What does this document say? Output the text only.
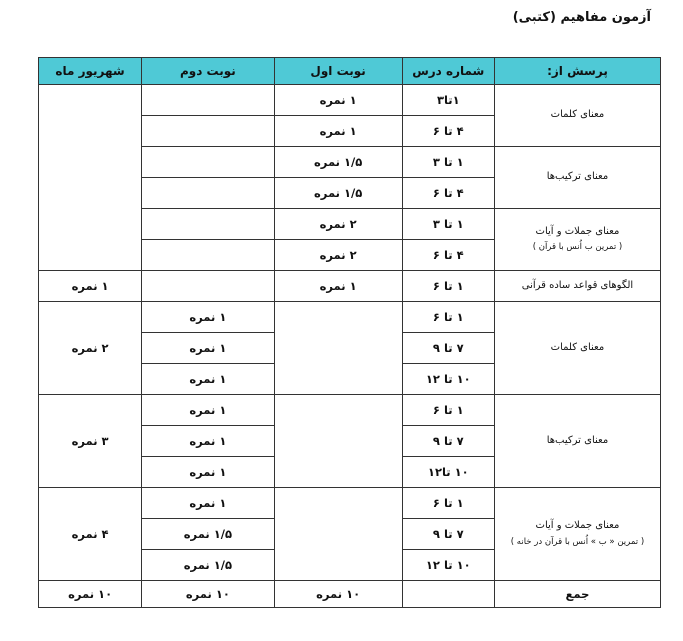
آزمون مفاهیم (کتبی)
پرسش از:	شماره درس	نوبت اول	نوبت دوم	شهریور ماه
معنای کلمات	۱تا۳	۱ نمره		
	۴ تا ۶	۱ نمره		
معنای ترکیب‌ها	۱ تا ۳	۱/۵ نمره		
	۴ تا ۶	۱/۵ نمره		
معنای جملات و آیات
( تمرین ب اُنس با قرآن )	۱ تا ۳	۲ نمره		
	۴ تا ۶	۲ نمره		
الگوهای قواعد ساده قرآنی	۱ تا ۶	۱ نمره		۱ نمره
معنای کلمات	۱ تا ۶		۱ نمره	۲ نمره
	۷ تا ۹		۱ نمره	
	۱۰ تا ۱۲		۱ نمره	
معنای ترکیب‌ها	۱ تا ۶		۱ نمره	۳ نمره
	۷ تا ۹		۱ نمره	
	۱۰ تا۱۲		۱ نمره	
معنای جملات و آیات
( تمرین « ب » اُنس با قرآن در خانه )	۱ تا ۶		۱ نمره	۴ نمره
	۷ تا ۹		۱/۵ نمره	
	۱۰ تا ۱۲		۱/۵ نمره	
جمع		۱۰ نمره	۱۰ نمره	۱۰ نمره
